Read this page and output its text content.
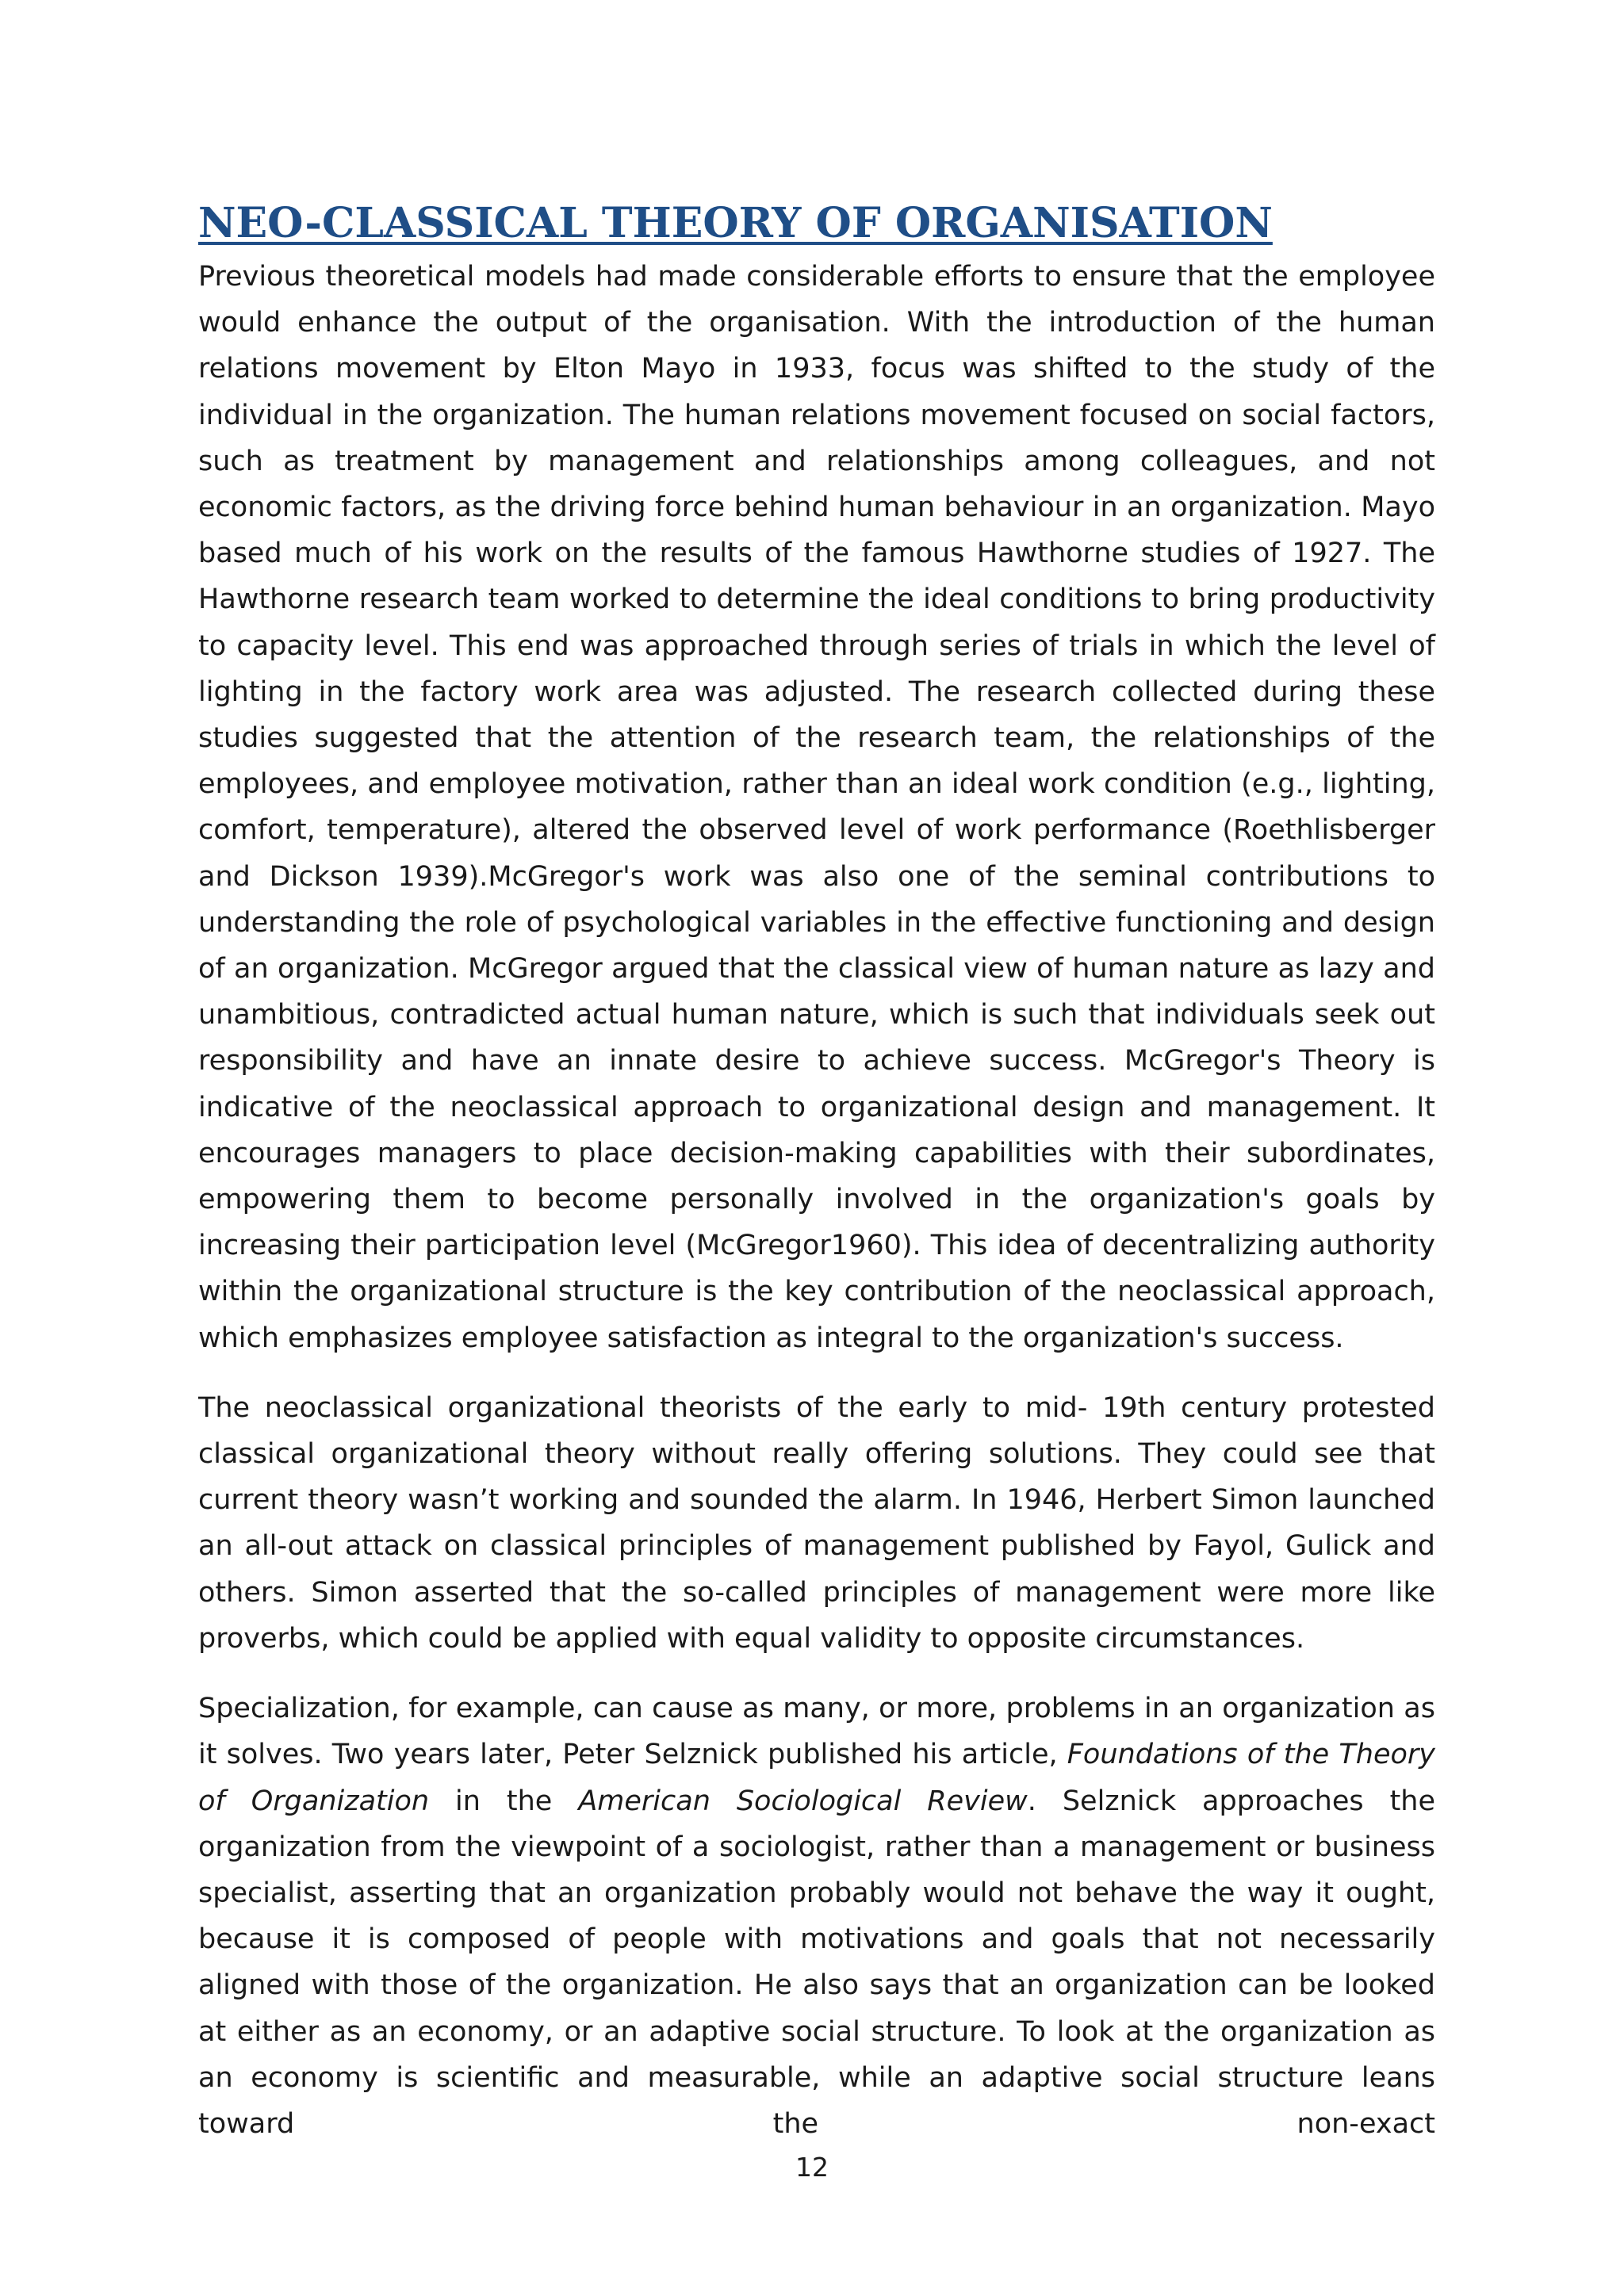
NEO-CLASSICAL THEORY OF ORGANISATION

Previous theoretical models had made considerable efforts to ensure that the employee would enhance the output of the organisation. With the introduction of the human relations movement by Elton Mayo in 1933, focus was shifted to the study of the individual in the organization. The human relations movement focused on social factors, such as treatment by management and relationships among colleagues, and not economic factors, as the driving force behind human behaviour in an organization. Mayo based much of his work on the results of the famous Hawthorne studies of 1927. The Hawthorne research team worked to determine the ideal conditions to bring productivity to capacity level. This end was approached through series of trials in which the level of lighting in the factory work area was adjusted. The research collected during these studies suggested that the attention of the research team, the relationships of the employees, and employee motivation, rather than an ideal work condition (e.g., lighting, comfort, temperature), altered the observed level of work performance (Roethlisberger and Dickson 1939).McGregor's work was also one of the seminal contributions to understanding the role of psychological variables in the effective functioning and design of an organization. McGregor argued that the classical view of human nature as lazy and unambitious, contradicted actual human nature, which is such that individuals seek out responsibility and have an innate desire to achieve success. McGregor's Theory is indicative of the neoclassical approach to organizational design and management. It encourages managers to place decision-making capabilities with their subordinates, empowering them to become personally involved in the organization's goals by increasing their participation level (McGregor1960). This idea of decentralizing authority within the organizational structure is the key contribution of the neoclassical approach, which emphasizes employee satisfaction as integral to the organization's success.

The neoclassical organizational theorists of the early to mid- 19th century protested classical organizational theory without really offering solutions. They could see that current theory wasn’t working and sounded the alarm. In 1946, Herbert Simon launched an all-out attack on classical principles of management published by Fayol, Gulick and others. Simon asserted that the so-called principles of management were more like proverbs, which could be applied with equal validity to opposite circumstances.

Specialization, for example, can cause as many, or more, problems in an organization as it solves. Two years later, Peter Selznick published his article, Foundations of the Theory of Organization in the American Sociological Review. Selznick approaches the organization from the viewpoint of a sociologist, rather than a management or business specialist, asserting that an organization probably would not behave the way it ought, because it is composed of people with motivations and goals that not necessarily aligned with those of the organization. He also says that an organization can be looked at either as an economy, or an adaptive social structure. To look at the organization as an economy is scientific and measurable, while an adaptive social structure leans toward the non-exact

12
